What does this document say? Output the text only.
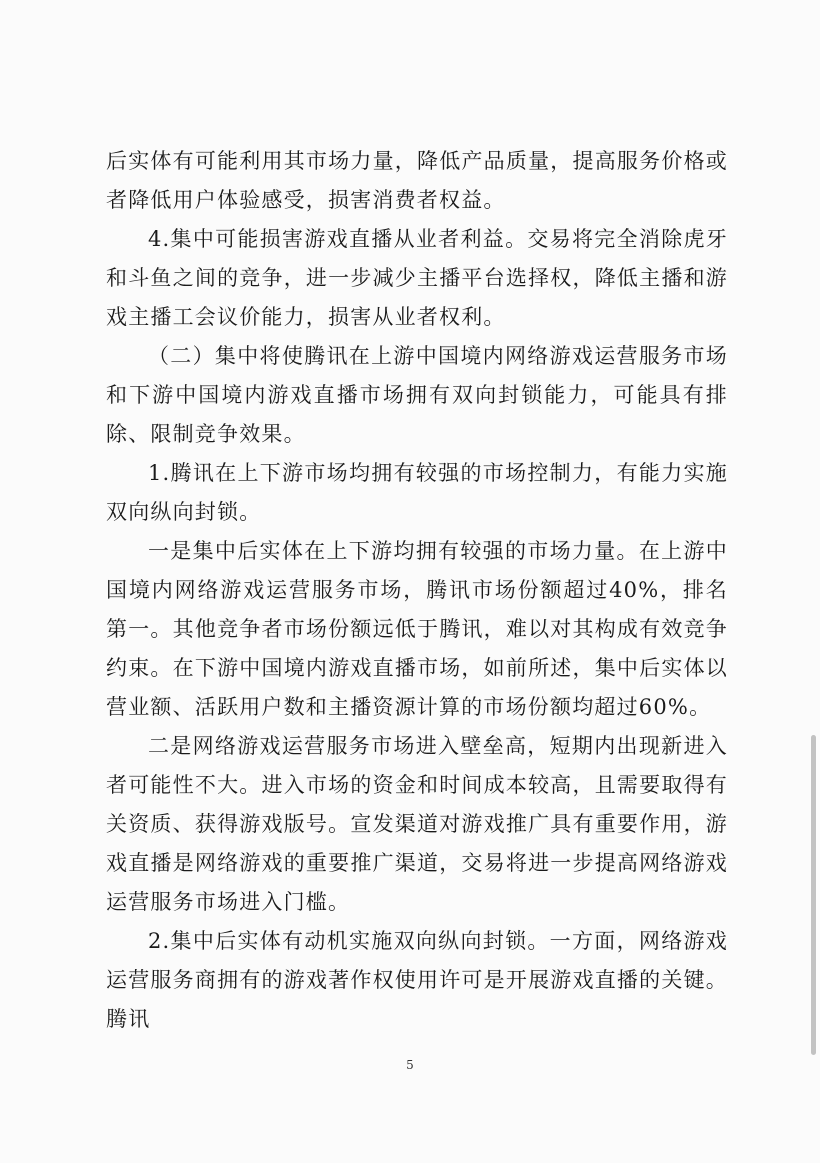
后实体有可能利用其市场力量，降低产品质量，提高服务价格或者降低用户体验感受，损害消费者权益。

4.集中可能损害游戏直播从业者利益。交易将完全消除虎牙和斗鱼之间的竞争，进一步减少主播平台选择权，降低主播和游戏主播工会议价能力，损害从业者权利。

（二）集中将使腾讯在上游中国境内网络游戏运营服务市场和下游中国境内游戏直播市场拥有双向封锁能力，可能具有排除、限制竞争效果。

1.腾讯在上下游市场均拥有较强的市场控制力，有能力实施双向纵向封锁。

一是集中后实体在上下游均拥有较强的市场力量。在上游中国境内网络游戏运营服务市场，腾讯市场份额超过40%，排名第一。其他竞争者市场份额远低于腾讯，难以对其构成有效竞争约束。在下游中国境内游戏直播市场，如前所述，集中后实体以营业额、活跃用户数和主播资源计算的市场份额均超过60%。

二是网络游戏运营服务市场进入壁垒高，短期内出现新进入者可能性不大。进入市场的资金和时间成本较高，且需要取得有关资质、获得游戏版号。宣发渠道对游戏推广具有重要作用，游戏直播是网络游戏的重要推广渠道，交易将进一步提高网络游戏运营服务市场进入门槛。

2.集中后实体有动机实施双向纵向封锁。一方面，网络游戏运营服务商拥有的游戏著作权使用许可是开展游戏直播的关键。腾讯

5
